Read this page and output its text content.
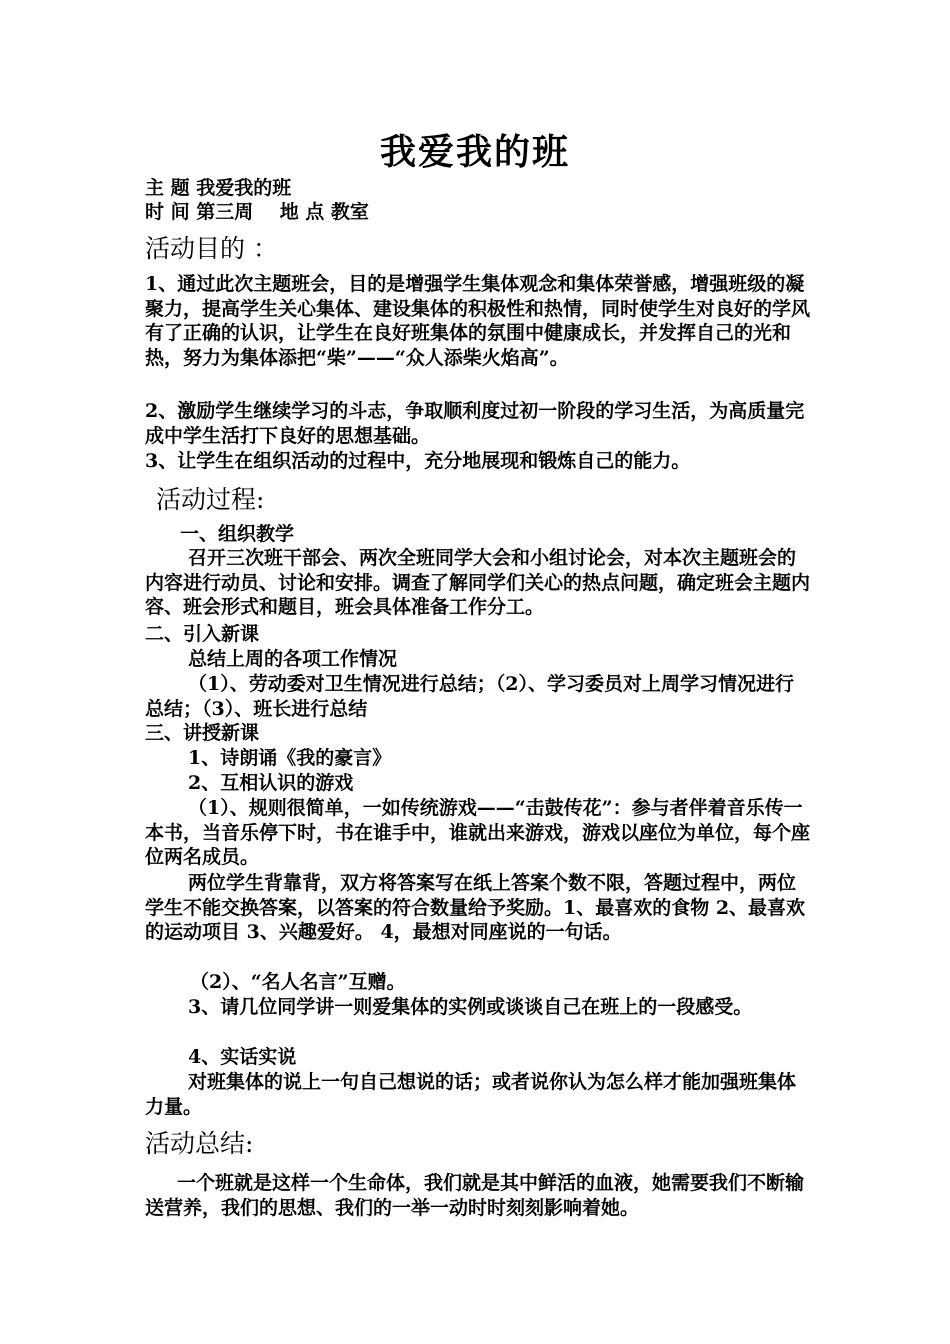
我爱我的班
主 题 我爱我的班
时 间 第三周    地 点 教室
活动目的 ：
1、通过此次主题班会，目的是增强学生集体观念和集体荣誉感，增强班级的凝聚力，提高学生关心集体、建设集体的积极性和热情，同时使学生对良好的学风有了正确的认识，让学生在良好班集体的氛围中健康成长，并发挥自己的光和热，努力为集体添把“柴”——“众人添柴火焰高”。
2、激励学生继续学习的斗志，争取顺利度过初一阶段的学习生活，为高质量完成中学生活打下良好的思想基础。
3、让学生在组织活动的过程中，充分地展现和锻炼自己的能力。
活动过程:
一、组织教学
召开三次班干部会、两次全班同学大会和小组讨论会，对本次主题班会的内容进行动员、讨论和安排。调查了解同学们关心的热点问题，确定班会主题内容、班会形式和题目，班会具体准备工作分工。
二、引入新课
总结上周的各项工作情况
（1）、劳动委对卫生情况进行总结；（2）、学习委员对上周学习情况进行总结；（3）、班长进行总结
三、讲授新课
1、诗朗诵《我的豪言》
2、互相认识的游戏
（1）、规则很简单，一如传统游戏——“击鼓传花”：参与者伴着音乐传一本书，当音乐停下时，书在谁手中，谁就出来游戏，游戏以座位为单位，每个座位两名成员。
两位学生背靠背，双方将答案写在纸上答案个数不限，答题过程中，两位学生不能交换答案，以答案的符合数量给予奖励。1、最喜欢的食物 2、最喜欢的运动项目 3、兴趣爱好。 4，最想对同座说的一句话。
（2）、“名人名言”互赠。
3、请几位同学讲一则爱集体的实例或谈谈自己在班上的一段感受。
4、实话实说
对班集体的说上一句自己想说的话；或者说你认为怎么样才能加强班集体力量。
活动总结:
一个班就是这样一个生命体，我们就是其中鲜活的血液，她需要我们不断输送营养，我们的思想、我们的一举一动时时刻刻影响着她。
